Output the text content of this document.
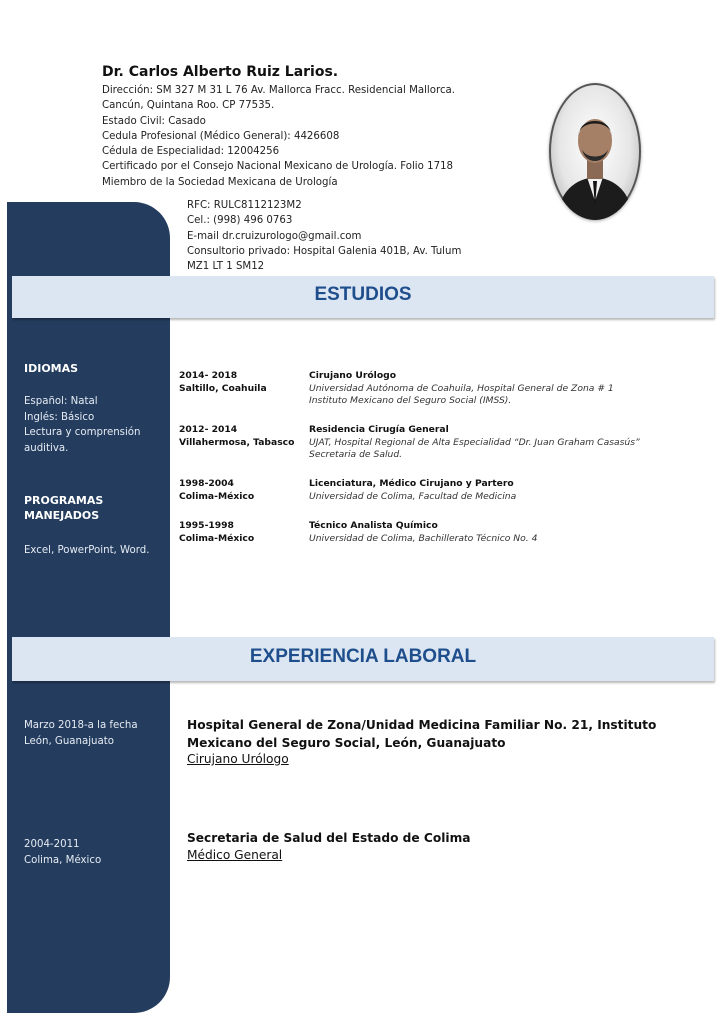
Dr. Carlos Alberto Ruiz Larios.
Dirección: SM 327 M 31 L 76 Av. Mallorca Fracc. Residencial Mallorca.
Cancún, Quintana Roo. CP 77535.
Estado Civil: Casado
Cedula Profesional (Médico General): 4426608
Cédula de Especialidad: 12004256
Certificado por el Consejo Nacional Mexicano de Urología. Folio 1718
Miembro de la Sociedad Mexicana de Urología
RFC: RULC8112123M2
Cel.: (998) 496 0763
E-mail dr.cruizurologo@gmail.com
Consultorio privado: Hospital Galenia 401B, Av. Tulum
MZ1 LT 1 SM12
IDIOMAS
Español: Natal
Inglés: Básico
Lectura y comprensión
auditiva.
PROGRAMAS
MANEJADOS
Excel, PowerPoint, Word.
Marzo 2018-a la fecha
León, Guanajuato
2004-2011
Colima, México
ESTUDIOS
2014- 2018
Saltillo, Coahuila
Cirujano Urólogo
Universidad Autónoma de Coahuila, Hospital General de Zona # 1
Instituto Mexicano del Seguro Social (IMSS).
2012- 2014
Villahermosa, Tabasco
Residencia Cirugía General
UJAT, Hospital Regional de Alta Especialidad “Dr. Juan Graham Casasús”
Secretaria de Salud.
1998-2004
Colima-México
Licenciatura, Médico Cirujano y Partero
Universidad de Colima, Facultad de Medicina
1995-1998
Colima-México
Técnico Analista Químico
Universidad de Colima, Bachillerato Técnico No. 4
EXPERIENCIA LABORAL
Hospital General de Zona/Unidad Medicina Familiar No. 21, Instituto
Mexicano del Seguro Social, León, Guanajuato
Cirujano Urólogo
Secretaria de Salud del Estado de Colima
Médico General
